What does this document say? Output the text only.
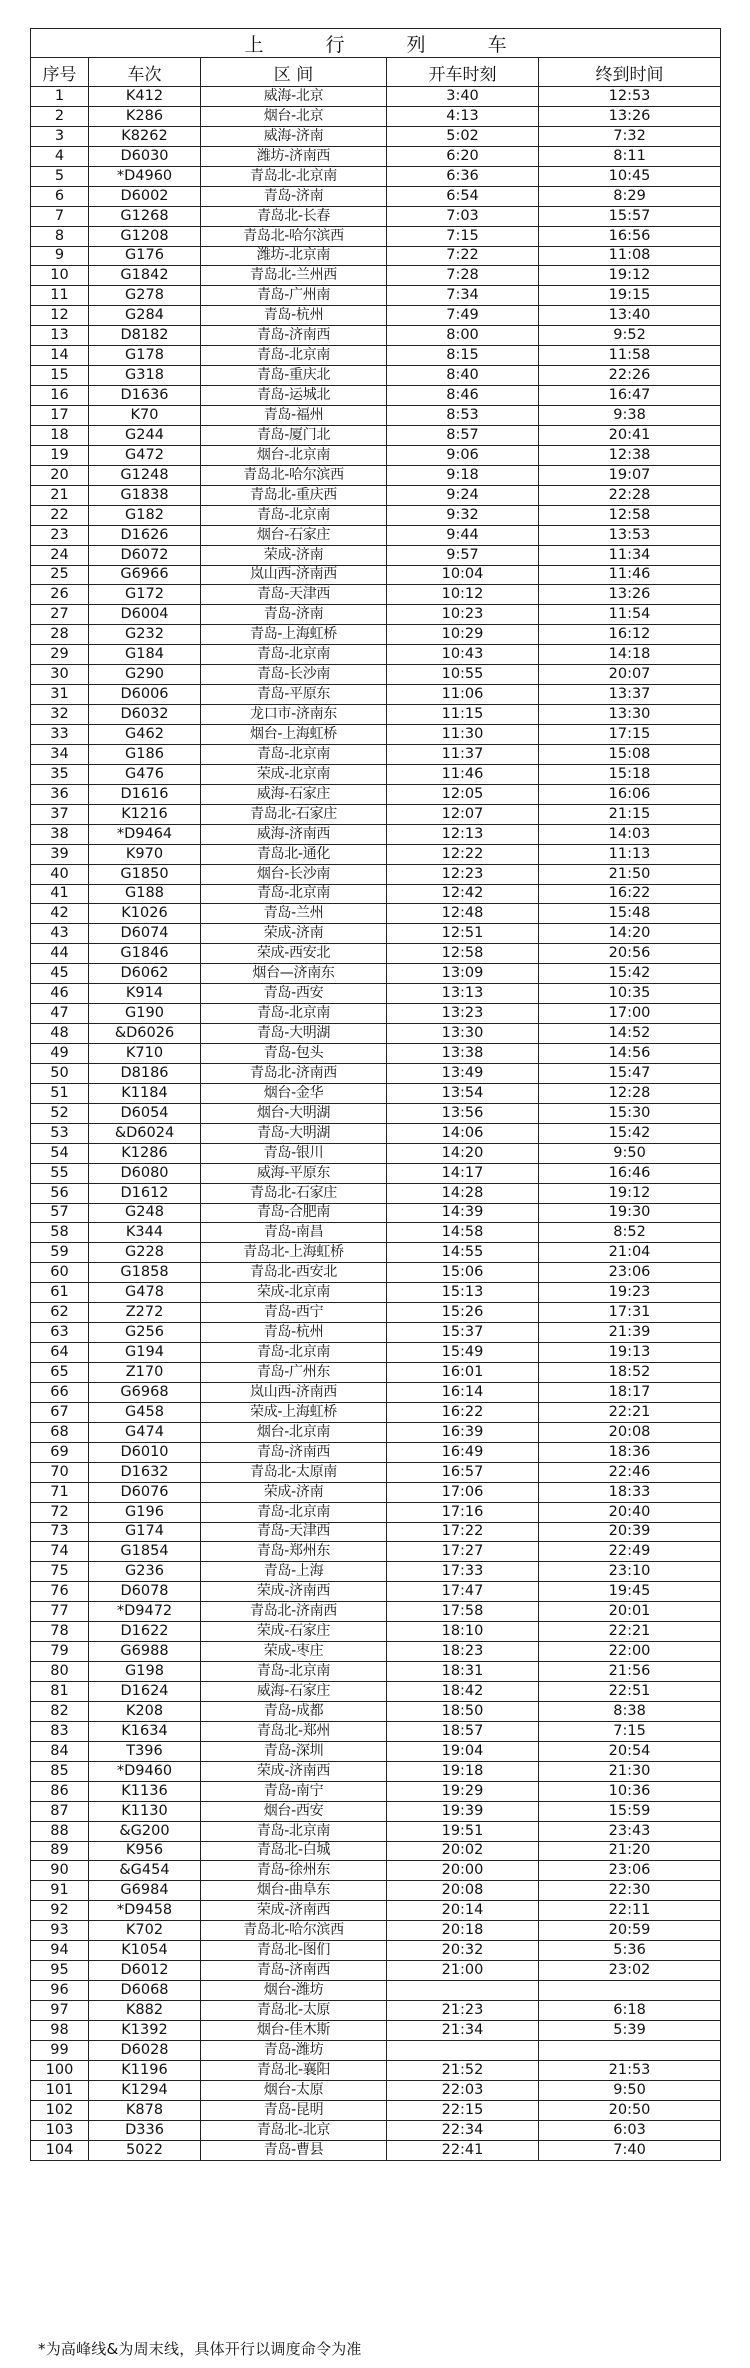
上 行 列 车				
序号	车次	区 间	开车时刻	终到时间
1	K412	威海-北京	3:40	12:53
2	K286	烟台-北京	4:13	13:26
3	K8262	威海-济南	5:02	7:32
4	D6030	潍坊-济南西	6:20	8:11
5	*D4960	青岛北-北京南	6:36	10:45
6	D6002	青岛-济南	6:54	8:29
7	G1268	青岛北-长春	7:03	15:57
8	G1208	青岛北-哈尔滨西	7:15	16:56
9	G176	潍坊-北京南	7:22	11:08
10	G1842	青岛北-兰州西	7:28	19:12
11	G278	青岛-广州南	7:34	19:15
12	G284	青岛-杭州	7:49	13:40
13	D8182	青岛-济南西	8:00	9:52
14	G178	青岛-北京南	8:15	11:58
15	G318	青岛-重庆北	8:40	22:26
16	D1636	青岛-运城北	8:46	16:47
17	K70	青岛-福州	8:53	9:38
18	G244	青岛-厦门北	8:57	20:41
19	G472	烟台-北京南	9:06	12:38
20	G1248	青岛北-哈尔滨西	9:18	19:07
21	G1838	青岛北-重庆西	9:24	22:28
22	G182	青岛-北京南	9:32	12:58
23	D1626	烟台-石家庄	9:44	13:53
24	D6072	荣成-济南	9:57	11:34
25	G6966	岚山西-济南西	10:04	11:46
26	G172	青岛-天津西	10:12	13:26
27	D6004	青岛-济南	10:23	11:54
28	G232	青岛-上海虹桥	10:29	16:12
29	G184	青岛-北京南	10:43	14:18
30	G290	青岛-长沙南	10:55	20:07
31	D6006	青岛-平原东	11:06	13:37
32	D6032	龙口市-济南东	11:15	13:30
33	G462	烟台-上海虹桥	11:30	17:15
34	G186	青岛-北京南	11:37	15:08
35	G476	荣成-北京南	11:46	15:18
36	D1616	威海-石家庄	12:05	16:06
37	K1216	青岛北-石家庄	12:07	21:15
38	*D9464	威海-济南西	12:13	14:03
39	K970	青岛北-通化	12:22	11:13
40	G1850	烟台-长沙南	12:23	21:50
41	G188	青岛-北京南	12:42	16:22
42	K1026	青岛-兰州	12:48	15:48
43	D6074	荣成-济南	12:51	14:20
44	G1846	荣成-西安北	12:58	20:56
45	D6062	烟台—济南东	13:09	15:42
46	K914	青岛-西安	13:13	10:35
47	G190	青岛-北京南	13:23	17:00
48	&D6026	青岛-大明湖	13:30	14:52
49	K710	青岛-包头	13:38	14:56
50	D8186	青岛北-济南西	13:49	15:47
51	K1184	烟台-金华	13:54	12:28
52	D6054	烟台-大明湖	13:56	15:30
53	&D6024	青岛-大明湖	14:06	15:42
54	K1286	青岛-银川	14:20	9:50
55	D6080	威海-平原东	14:17	16:46
56	D1612	青岛北-石家庄	14:28	19:12
57	G248	青岛-合肥南	14:39	19:30
58	K344	青岛-南昌	14:58	8:52
59	G228	青岛北-上海虹桥	14:55	21:04
60	G1858	青岛北-西安北	15:06	23:06
61	G478	荣成-北京南	15:13	19:23
62	Z272	青岛-西宁	15:26	17:31
63	G256	青岛-杭州	15:37	21:39
64	G194	青岛-北京南	15:49	19:13
65	Z170	青岛-广州东	16:01	18:52
66	G6968	岚山西-济南西	16:14	18:17
67	G458	荣成-上海虹桥	16:22	22:21
68	G474	烟台-北京南	16:39	20:08
69	D6010	青岛-济南西	16:49	18:36
70	D1632	青岛北-太原南	16:57	22:46
71	D6076	荣成-济南	17:06	18:33
72	G196	青岛-北京南	17:16	20:40
73	G174	青岛-天津西	17:22	20:39
74	G1854	青岛-郑州东	17:27	22:49
75	G236	青岛-上海	17:33	23:10
76	D6078	荣成-济南西	17:47	19:45
77	*D9472	青岛北-济南西	17:58	20:01
78	D1622	荣成-石家庄	18:10	22:21
79	G6988	荣成-枣庄	18:23	22:00
80	G198	青岛-北京南	18:31	21:56
81	D1624	威海-石家庄	18:42	22:51
82	K208	青岛-成都	18:50	8:38
83	K1634	青岛北-郑州	18:57	7:15
84	T396	青岛-深圳	19:04	20:54
85	*D9460	荣成-济南西	19:18	21:30
86	K1136	青岛-南宁	19:29	10:36
87	K1130	烟台-西安	19:39	15:59
88	&G200	青岛-北京南	19:51	23:43
89	K956	青岛北-白城	20:02	21:20
90	&G454	青岛-徐州东	20:00	23:06
91	G6984	烟台-曲阜东	20:08	22:30
92	*D9458	荣成-济南西	20:14	22:11
93	K702	青岛北-哈尔滨西	20:18	20:59
94	K1054	青岛北-图们	20:32	5:36
95	D6012	青岛-济南西	21:00	23:02
96	D6068	烟台-潍坊		
97	K882	青岛北-太原	21:23	6:18
98	K1392	烟台-佳木斯	21:34	5:39
99	D6028	青岛-潍坊		
100	K1196	青岛北-襄阳	21:52	21:53
101	K1294	烟台-太原	22:03	9:50
102	K878	青岛-昆明	22:15	20:50
103	D336	青岛北-北京	22:34	6:03
104	5022	青岛-曹县	22:41	7:40
*为高峰线&为周末线，具体开行以调度命令为准
